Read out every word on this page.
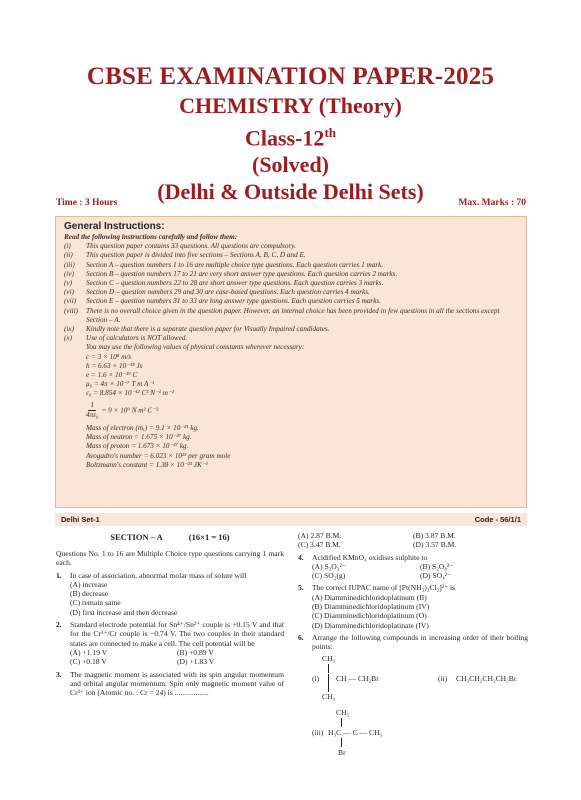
CBSE EXAMINATION PAPER-2025
CHEMISTRY (Theory)
Class-12th
(Solved)
(Delhi & Outside Delhi Sets)
Time : 3 Hours	Max. Marks : 70
General Instructions:
Read the following instructions carefully and follow them:
(i)	This question paper contains 33 questions. All questions are compulsory.
(ii)	This question paper is divided into five sections – Sections A, B, C, D and E.
(iii)	Section A – question numbers 1 to 16 are multiple choice type questions. Each question carries 1 mark.
(iv)	Section B – question numbers 17 to 21 are very short answer type questions. Each question carries 2 marks.
(v)	Section C – question numbers 22 to 28 are short answer type questions. Each question carries 3 marks.
(vi)	Section D – question numbers 29 and 30 are case-based questions. Each question carries 4 marks.
(vii)	Section E – question numbers 31 to 33 are long answer type questions. Each question carries 5 marks.
(viii)	There is no overall choice given in the question paper. However, an internal choice has been provided in few questions in all the sections except Section – A.
(ix)	Kindly note that there is a separate question paper for Visually Impaired candidates.
(x)	Use of calculators is NOT allowed.
You may use the following values of physical constants wherever necessary:
c = 3 × 10⁸ m/s
h = 6.63 × 10⁻³⁴ Js
e = 1.6 × 10⁻¹⁹ C
μ₀ = 4π × 10⁻⁷ T m A⁻¹
ε₀ = 8.854 × 10⁻¹² C² N⁻¹ m⁻²
$\frac{1}{\text{4πε₀}} = 9 \times 10^9$ N m² C⁻²
Mass of electron (mₑ) = 9.1 × 10⁻³¹ kg.
Mass of neutron = 1.675 × 10⁻²⁷ kg.
Mass of proton = 1.673 × 10⁻²⁷ kg.
Avogadro's number = 6.023 × 10²³ per gram mole
Boltzmann's constant = 1.38 × 10⁻²³ JK⁻¹
Delhi Set-1	Code - 56/1/1
SECTION – A	(16×1 = 16)
Questions No. 1 to 16 are Multiple Choice type questions carrying 1 mark each.
1.	In case of association, abnormal molar mass of solute will
(A) increase
(B) decrease
(C) remain same
(D) first increase and then decrease
2.	Standard electrode potential for Sn⁴⁺/Sn²⁺ couple is +0.15 V and that for the Cr³⁺/Cr couple is −0.74 V. The two couples in their standard states are connected to make a cell. The cell potential will be
(A) +1.19 V	(B) +0.89 V
(C) +0.18 V	(D) +1.83 V
3.	The magnetic moment is associated with its spin angular momentum and orbital angular momentum. Spin only magnetic moment value of Cr³⁺ ion (Atomic no. : Cr = 24) is ..................
(A) 2.87 B.M.	(B) 3.87 B.M.
(C) 3.47 B.M.	(D) 3.57 B.M.
4.	Acidified KMnO₄ oxidises sulphite to
(A) S₂O₃²⁻	(B) S₂O₈²⁻
(C) SO₂(g)	(D) SO₄²⁻
5.	The correct IUPAC name of [Pt(NH₃)₂Cl₂]²⁺ is
(A) Diamminedichloridoplatinum (II)
(B) Diamminedichloridoplatinum (IV)
(C) Diamminedichloridoplatinum (O)
(D) Diamminedichloridoplatinate (IV)
6.	Arrange the following compounds in increasing order of their boiling points:
CH₃
(i) CH — CH₂Br
CH₃
(ii) CH₃CH₂CH₂CH₂Br
CH₃
(iii) H₃C — C — CH₃
Br
